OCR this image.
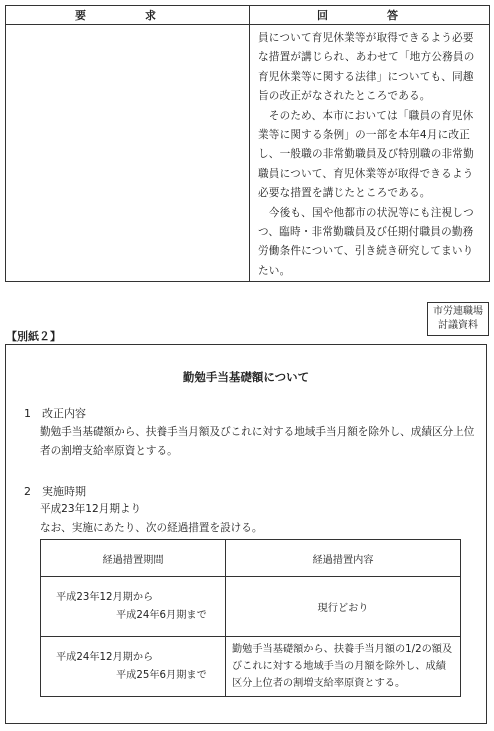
要　求	回　答

	員について育児休業等が取得できるよう必要な措置が講じられ、あわせて「地方公務員の育児休業等に関する法律」についても、同趣旨の改正がなされたところである。

　そのため、本市においては「職員の育児休業等に関する条例」の一部を本年4月に改正し、一般職の非常勤職員及び特別職の非常勤職員について、育児休業等が取得できるよう必要な措置を講じたところである。

　今後も、国や他都市の状況等にも注視しつつ、臨時・非常勤職員及び任期付職員の勤務労働条件について、引き続き研究してまいりたい。

市労連職場
討議資料
【別紙２】
勤勉手当基礎額について
1　改正内容

勤勉手当基礎額から、扶養手当月額及びこれに対する地域手当月額を除外し、成績区分上位者の割増支給率原資とする。

2　実施時期

平成23年12月期より

なお、実施にあたり、次の経過措置を設ける。

経過措置期間	経過措置内容

平成23年12月期から
平成24年6月期まで	現行どおり

平成24年12月期から
平成25年6月期まで	勤勉手当基礎額から、扶養手当月額の1/2の額及びこれに対する地域手当の月額を除外し、成績区分上位者の割増支給率原資とする。
